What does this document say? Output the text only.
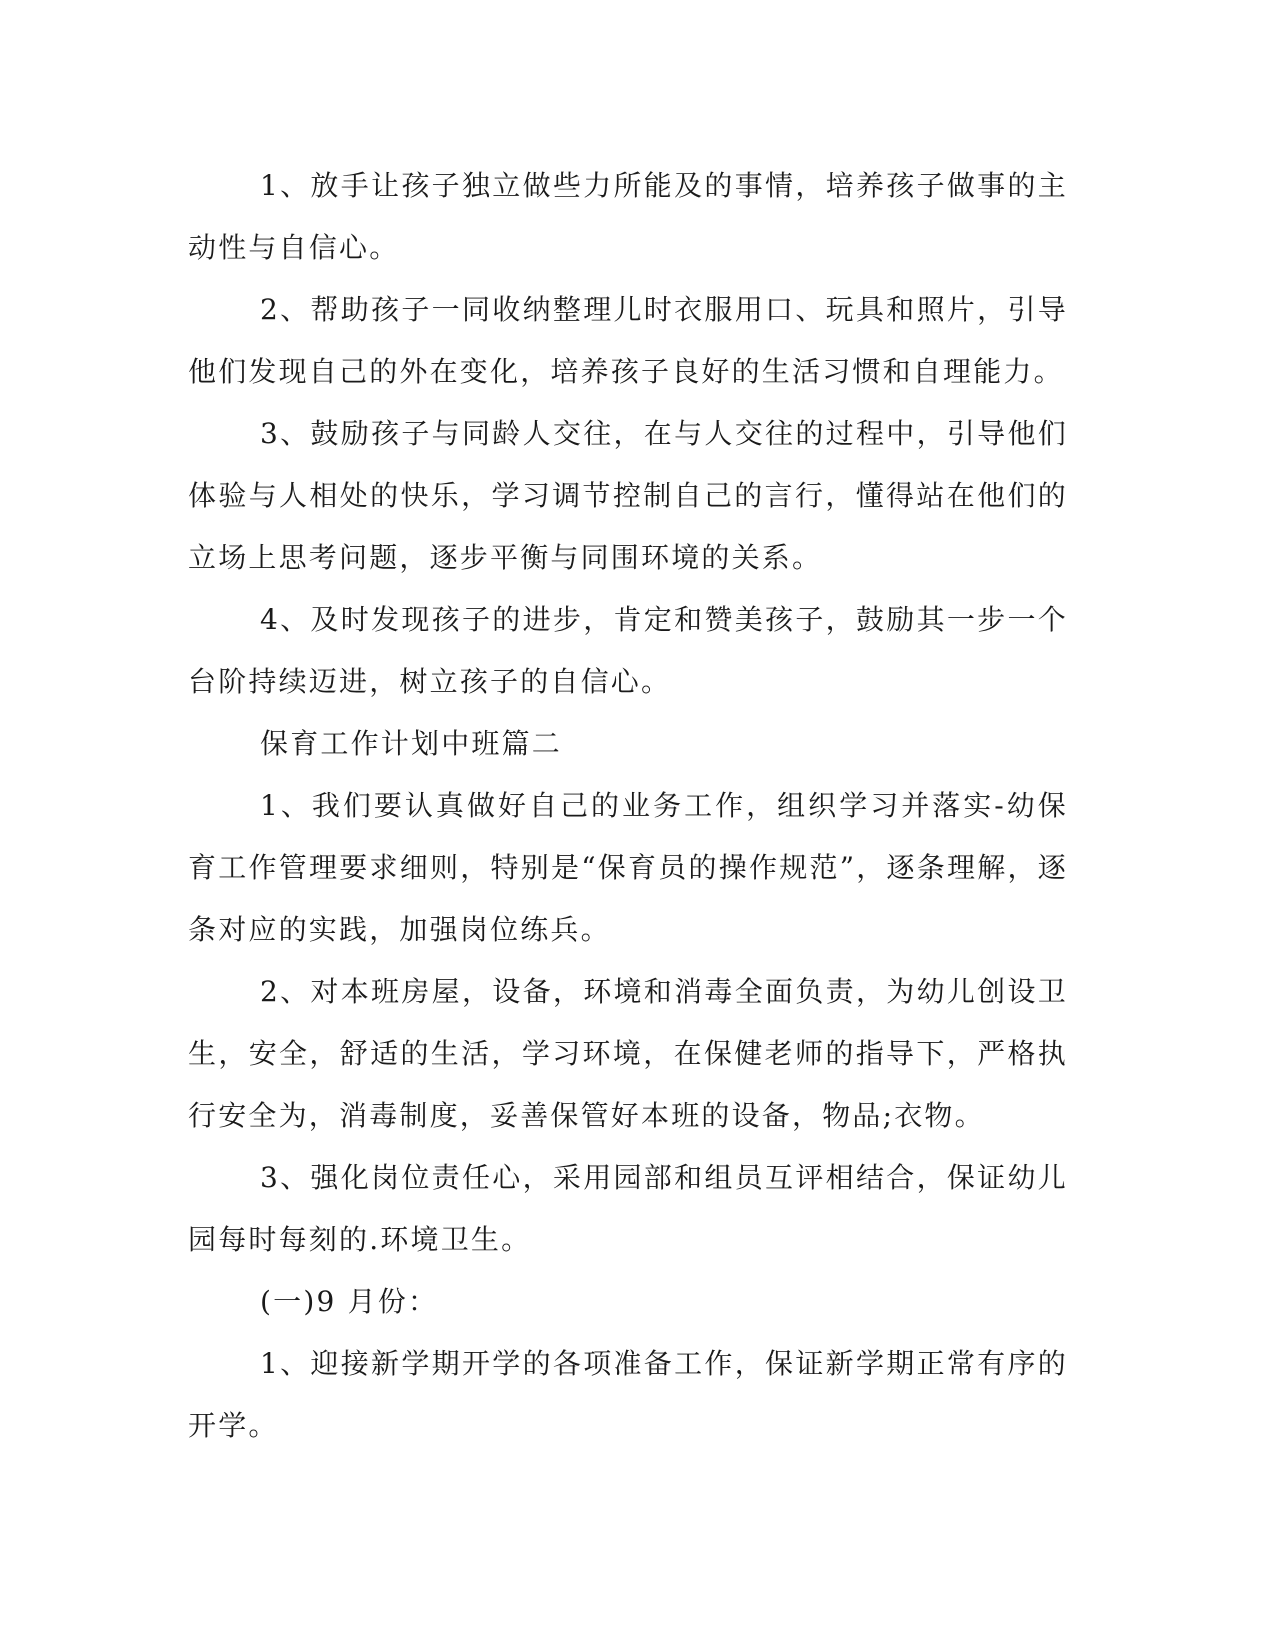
1、放手让孩子独立做些力所能及的事情，培养孩子做事的主动性与自信心。

2、帮助孩子一同收纳整理儿时衣服用口、玩具和照片，引导他们发现自己的外在变化，培养孩子良好的生活习惯和自理能力。

3、鼓励孩子与同龄人交往，在与人交往的过程中，引导他们体验与人相处的快乐，学习调节控制自己的言行，懂得站在他们的立场上思考问题，逐步平衡与同围环境的关系。

4、及时发现孩子的进步，肯定和赞美孩子，鼓励其一步一个台阶持续迈进，树立孩子的自信心。

保育工作计划中班篇二

1、我们要认真做好自己的业务工作，组织学习并落实-幼保育工作管理要求细则，特别是“保育员的操作规范”，逐条理解，逐条对应的实践，加强岗位练兵。

2、对本班房屋，设备，环境和消毒全面负责，为幼儿创设卫生，安全，舒适的生活，学习环境，在保健老师的指导下，严格执行安全为，消毒制度，妥善保管好本班的设备，物品;衣物。

3、强化岗位责任心，采用园部和组员互评相结合，保证幼儿园每时每刻的.环境卫生。

(一)9 月份：

1、迎接新学期开学的各项准备工作，保证新学期正常有序的开学。
